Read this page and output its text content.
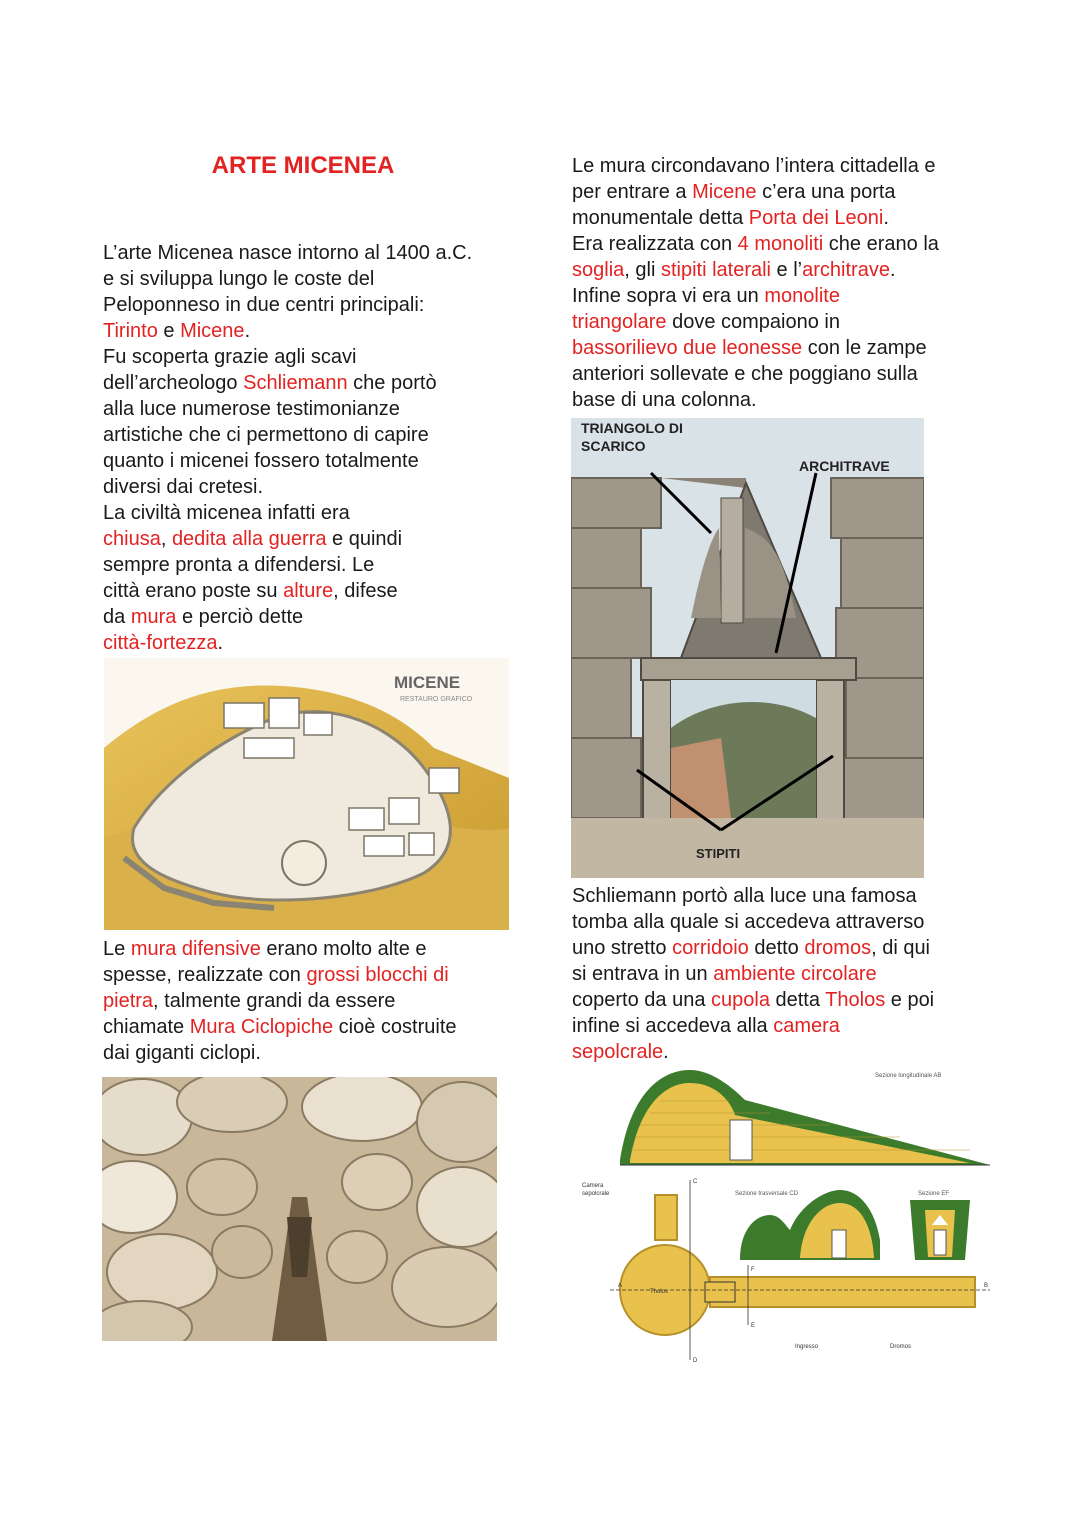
ARTE MICENEA
L’arte Micenea nasce intorno al 1400 a.C.
e si sviluppa lungo le coste del
Peloponneso in due centri principali:
Tirinto e Micene.
Fu scoperta grazie agli scavi
dell’archeologo Schliemann che portò
alla luce numerose testimonianze
artistiche che ci permettono di capire
quanto i micenei fossero totalmente
diversi dai cretesi.
La civiltà micenea infatti era
chiusa, dedita alla guerra e quindi
sempre pronta a difendersi. Le
città erano poste su alture, difese
da mura e perciò dette
città-fortezza.
MICENE
RESTAURO GRAFICO
Le mura difensive erano molto alte e
spesse, realizzate con grossi blocchi di
pietra, talmente grandi da essere
chiamate Mura Ciclopiche cioè costruite
dai giganti ciclopi.
Le mura circondavano l’intera cittadella e
per entrare a Micene c’era una porta
monumentale detta Porta dei Leoni.
Era realizzata con 4 monoliti che erano la
soglia, gli stipiti laterali e l’architrave.
Infine sopra vi era un monolite
triangolare dove compaiono in
bassorilievo due leonesse con le zampe
anteriori sollevate e che poggiano sulla
base di una colonna.
TRIANGOLO DI
SCARICO
ARCHITRAVE
STIPITI
Schliemann portò alla luce una famosa
tomba alla quale si accedeva attraverso
uno stretto corridoio detto dromos, di qui
si entrava in un ambiente circolare
coperto da una cupola detta Tholos e poi
infine si accedeva alla camera
sepolcrale.
Sezione longitudinale AB
Camera
sepolcrale
Tholos
Ingresso	Dromos
A	B
C
D
F
E
Sezione trasversale CD	Sezione EF
